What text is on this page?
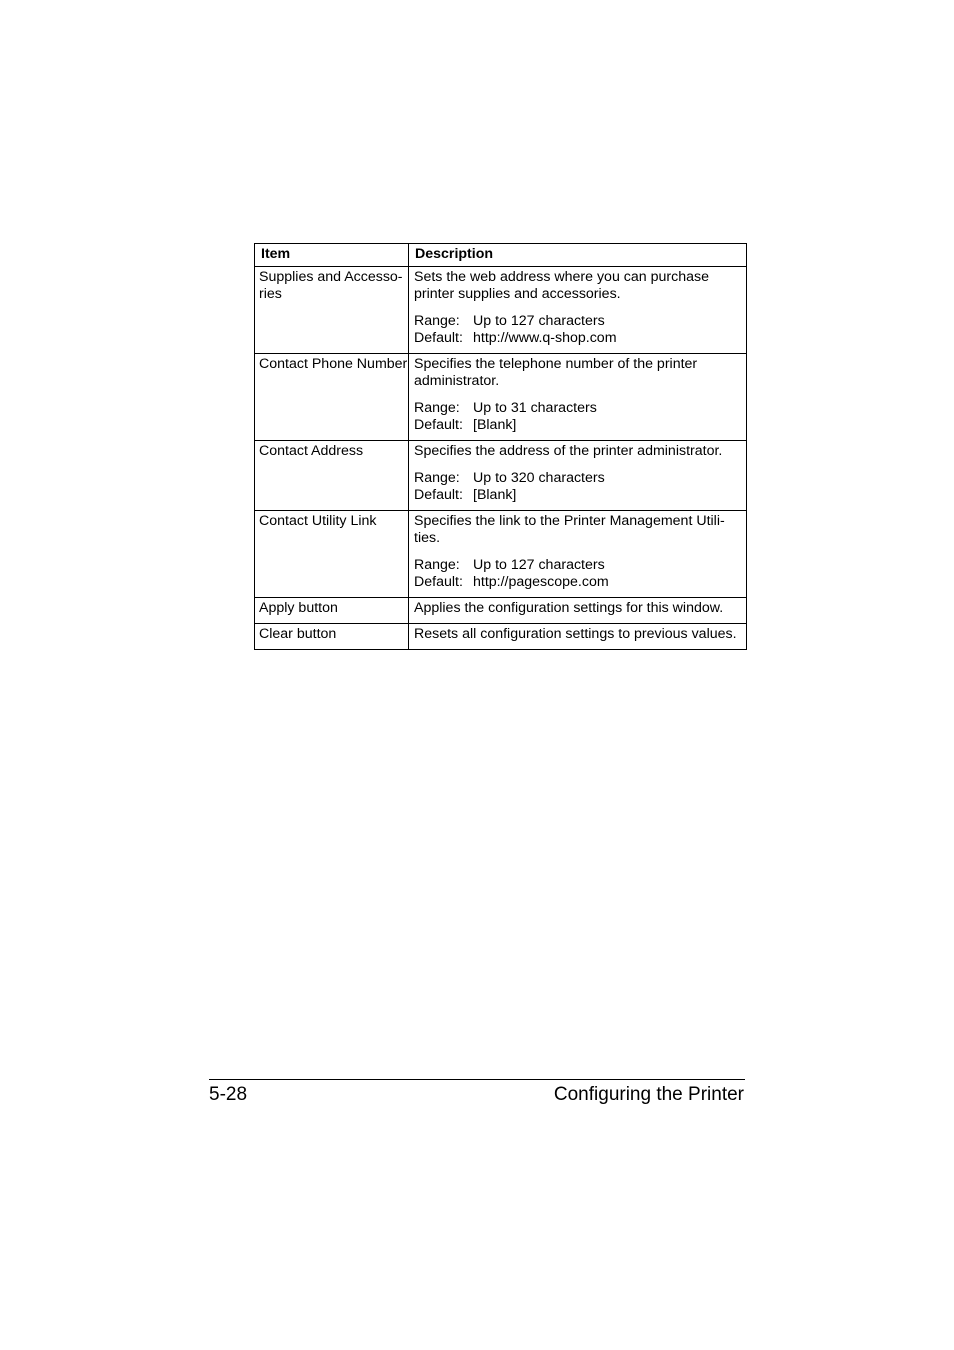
Item	Description
Supplies and Accesso-ries	Sets the web address where you can purchase printer supplies and accessories.
Range: Up to 127 characters
Default: http://www.q-shop.com

Contact Phone Number	Specifies the telephone number of the printer administrator.
Range: Up to 31 characters
Default: [Blank]

Contact Address	Specifies the address of the printer administrator.
Range: Up to 320 characters
Default: [Blank]

Contact Utility Link	Specifies the link to the Printer Management Utili-ties.
Range: Up to 127 characters
Default: http://pagescope.com

Apply button	Applies the configuration settings for this window.

Clear button	Resets all configuration settings to previous values.
5-28	Configuring the Printer
